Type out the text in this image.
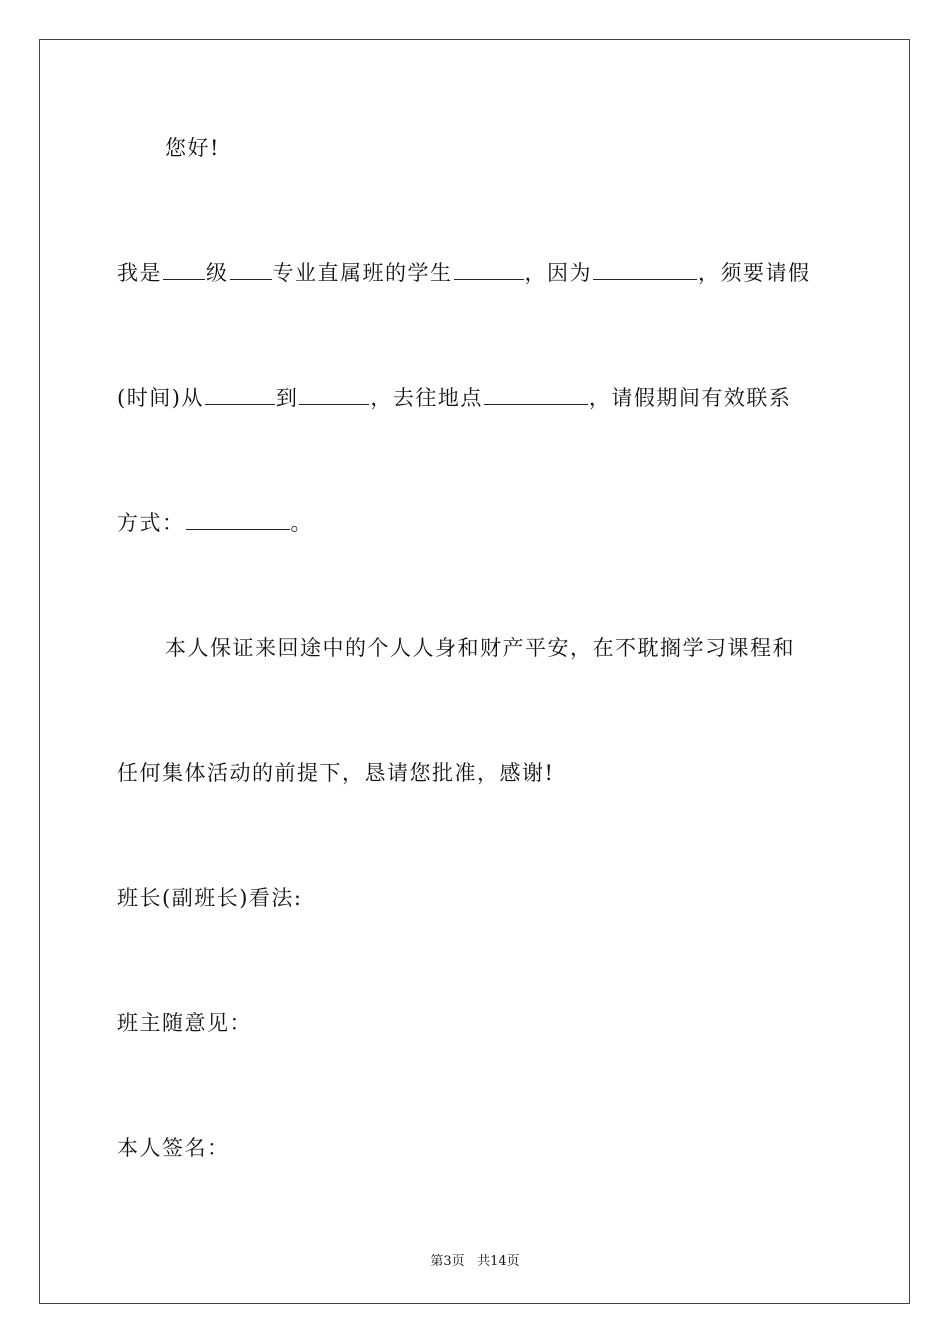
您好!
我是 级 专业直属班的学生	，因为	，须要请假
(时间)从	到	，去往地点	，请假期间有效联系
方式：	。
本人保证来回途中的个人人身和财产平安，在不耽搁学习课程和
任何集体活动的前提下，恳请您批准，感谢!
班长(副班长)看法:
班主随意见：
本人签名：
第3页 共14页
